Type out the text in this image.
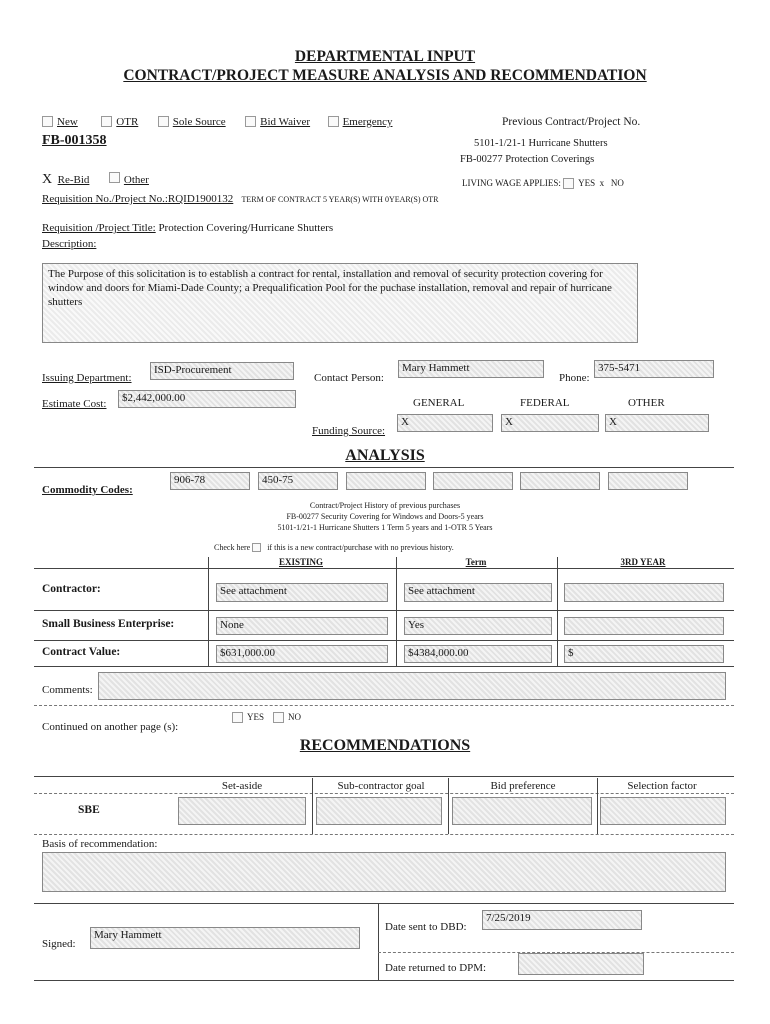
DEPARTMENTAL INPUT
CONTRACT/PROJECT MEASURE ANALYSIS AND RECOMMENDATION
New	OTR	Sole Source	Bid Waiver	Emergency	Previous Contract/Project No.
FB-001358	5101-1/21-1 Hurricane Shutters
FB-00277 Protection Coverings
X Re-Bid	Other	LIVING WAGE APPLIES: YES x NO
Requisition No./Project No.:RQID1900132 TERM OF CONTRACT 5 YEAR(S) WITH 0YEAR(S) OTR
Requisition /Project Title: Protection Covering/Hurricane Shutters
Description:
The Purpose of this solicitation is to establish a contract for rental, installation and removal of security protection covering for window and doors for Miami-Dade County; a Prequalification Pool for the puchase installation, removal and repair of hurricane shutters
Issuing Department:
ISD-Procurement
Contact Person:
Mary Hammett
Phone:
375-5471
Estimate Cost:	$2,442,000.00	GENERAL	FEDERAL	OTHER
Funding Source:
X	X	X
ANALYSIS
Commodity Codes:
906-78	450-75
Contract/Project History of previous purchases
FB-00277 Security Covering for Windows and Doors-5 years
5101-1/21-1 Hurricane Shutters 1 Term 5 years and 1-OTR 5 Years
Check here if this is a new contract/purchase with no previous history.
EXISTING	Term	3RD YEAR
Contractor:	See attachment	See attachment
Small Business Enterprise:	None	Yes
Contract Value:	$631,000.00	$4384,000.00	$
Comments:
Continued on another page (s):
YES	NO
RECOMMENDATIONS
Set-aside	Sub-contractor goal	Bid preference	Selection factor
SBE
Basis of recommendation:
Signed:
Mary Hammett
Date sent to DBD:
7/25/2019
Date returned to DPM:
